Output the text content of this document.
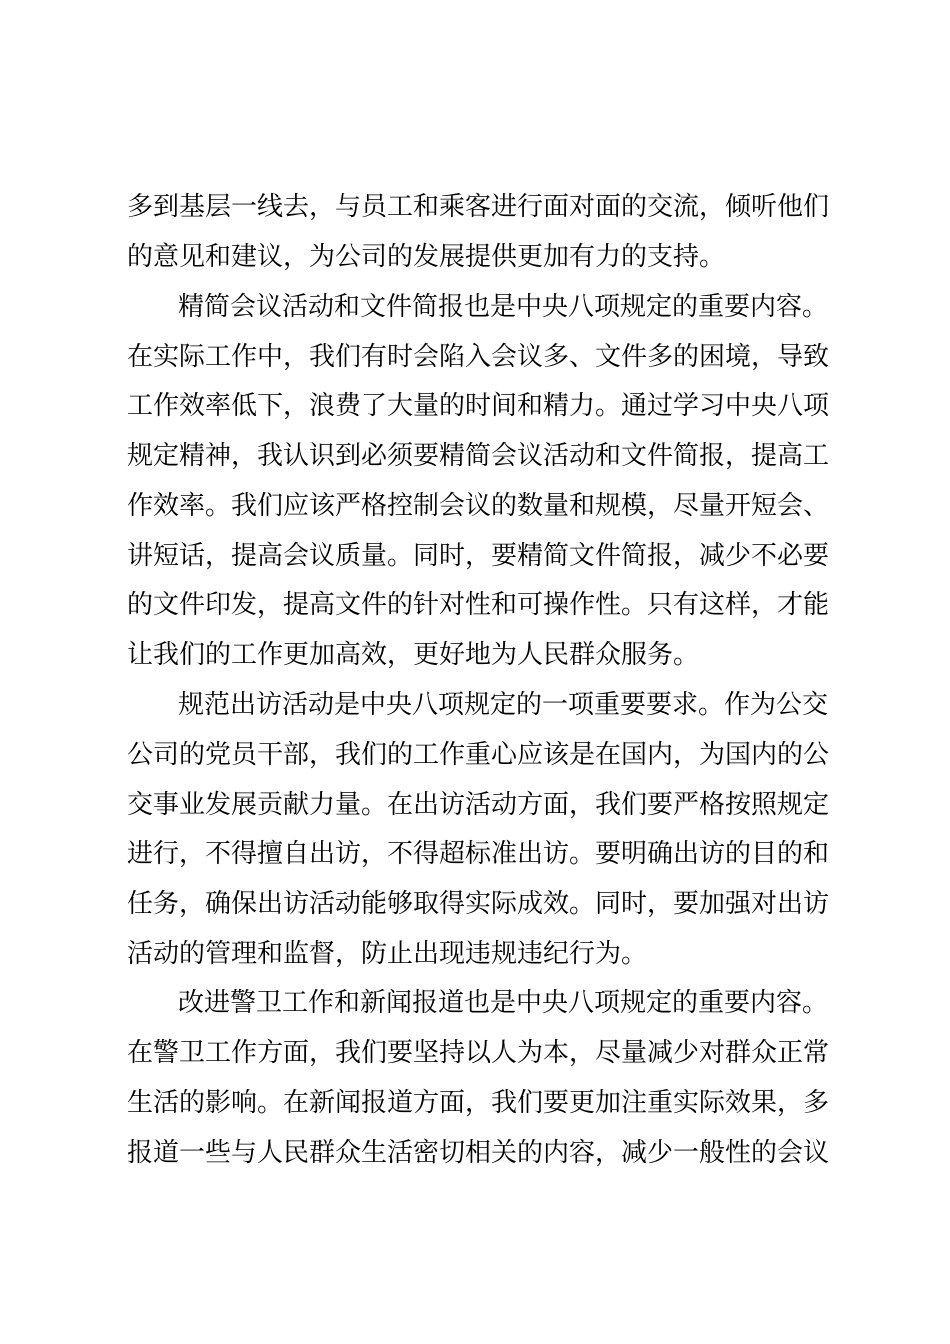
多到基层一线去，与员工和乘客进行面对面的交流，倾听他们
的意见和建议，为公司的发展提供更加有力的支持。
精简会议活动和文件简报也是中央八项规定的重要内容。
在实际工作中，我们有时会陷入会议多、文件多的困境，导致
工作效率低下，浪费了大量的时间和精力。通过学习中央八项
规定精神，我认识到必须要精简会议活动和文件简报，提高工
作效率。我们应该严格控制会议的数量和规模，尽量开短会、
讲短话，提高会议质量。同时，要精简文件简报，减少不必要
的文件印发，提高文件的针对性和可操作性。只有这样，才能
让我们的工作更加高效，更好地为人民群众服务。
规范出访活动是中央八项规定的一项重要要求。作为公交
公司的党员干部，我们的工作重心应该是在国内，为国内的公
交事业发展贡献力量。在出访活动方面，我们要严格按照规定
进行，不得擅自出访，不得超标准出访。要明确出访的目的和
任务，确保出访活动能够取得实际成效。同时，要加强对出访
活动的管理和监督，防止出现违规违纪行为。
改进警卫工作和新闻报道也是中央八项规定的重要内容。
在警卫工作方面，我们要坚持以人为本，尽量减少对群众正常
生活的影响。在新闻报道方面，我们要更加注重实际效果，多
报道一些与人民群众生活密切相关的内容，减少一般性的会议
